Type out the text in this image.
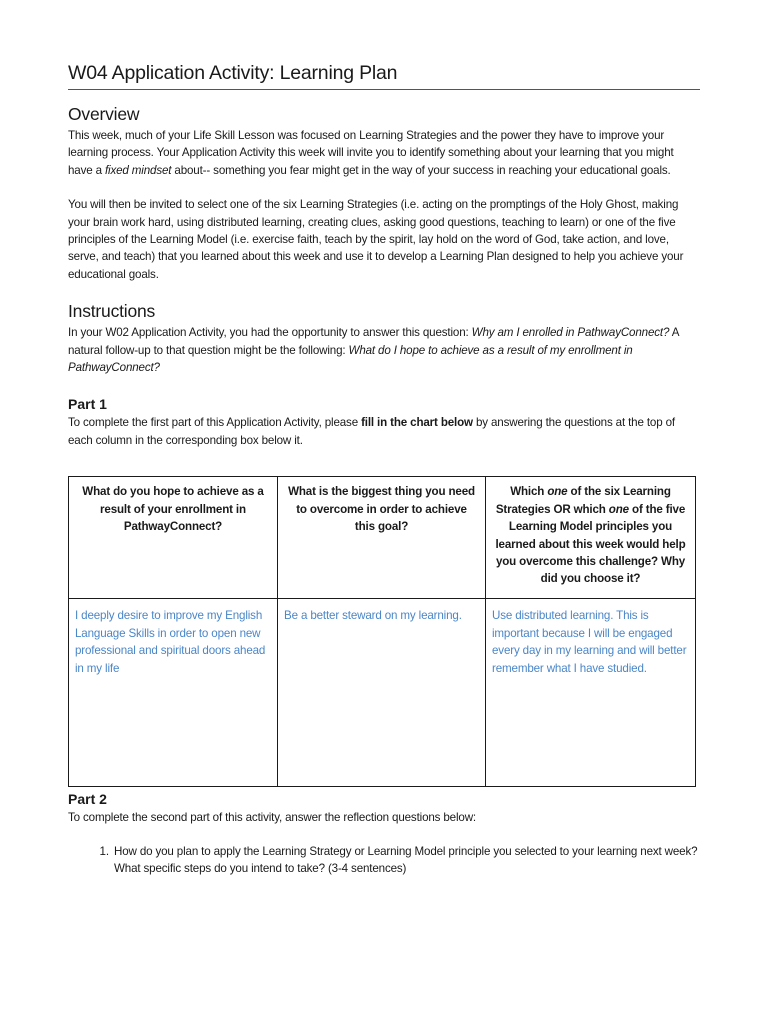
W04 Application Activity: Learning Plan
Overview

This week, much of your Life Skill Lesson was focused on Learning Strategies and the power they have to improve your learning process. Your Application Activity this week will invite you to identify something about your learning that you might have a fixed mindset about-- something you fear might get in the way of your success in reaching your educational goals.

You will then be invited to select one of the six Learning Strategies (i.e. acting on the promptings of the Holy Ghost, making your brain work hard, using distributed learning, creating clues, asking good questions, teaching to learn) or one of the five principles of the Learning Model (i.e. exercise faith, teach by the spirit, lay hold on the word of God, take action, and love, serve, and teach) that you learned about this week and use it to develop a Learning Plan designed to help you achieve your educational goals.

Instructions

In your W02 Application Activity, you had the opportunity to answer this question: Why am I enrolled in PathwayConnect? A natural follow-up to that question might be the following: What do I hope to achieve as a result of my enrollment in PathwayConnect?

Part 1

To complete the first part of this Application Activity, please fill in the chart below by answering the questions at the top of each column in the corresponding box below it.

What do you hope to achieve as a result of your enrollment in PathwayConnect?	What is the biggest thing you need to overcome in order to achieve this goal?	Which one of the six Learning Strategies OR which one of the five Learning Model principles you learned about this week would help you overcome this challenge? Why did you choose it?
I deeply desire to improve my English Language Skills in order to open new professional and spiritual doors ahead in my life	Be a better steward on my learning.	Use distributed learning. This is important because I will be engaged every day in my learning and will better remember what I have studied.
Part 2

To complete the second part of this activity, answer the reflection questions below:

1. How do you plan to apply the Learning Strategy or Learning Model principle you selected to your learning next week? What specific steps do you intend to take? (3-4 sentences)
